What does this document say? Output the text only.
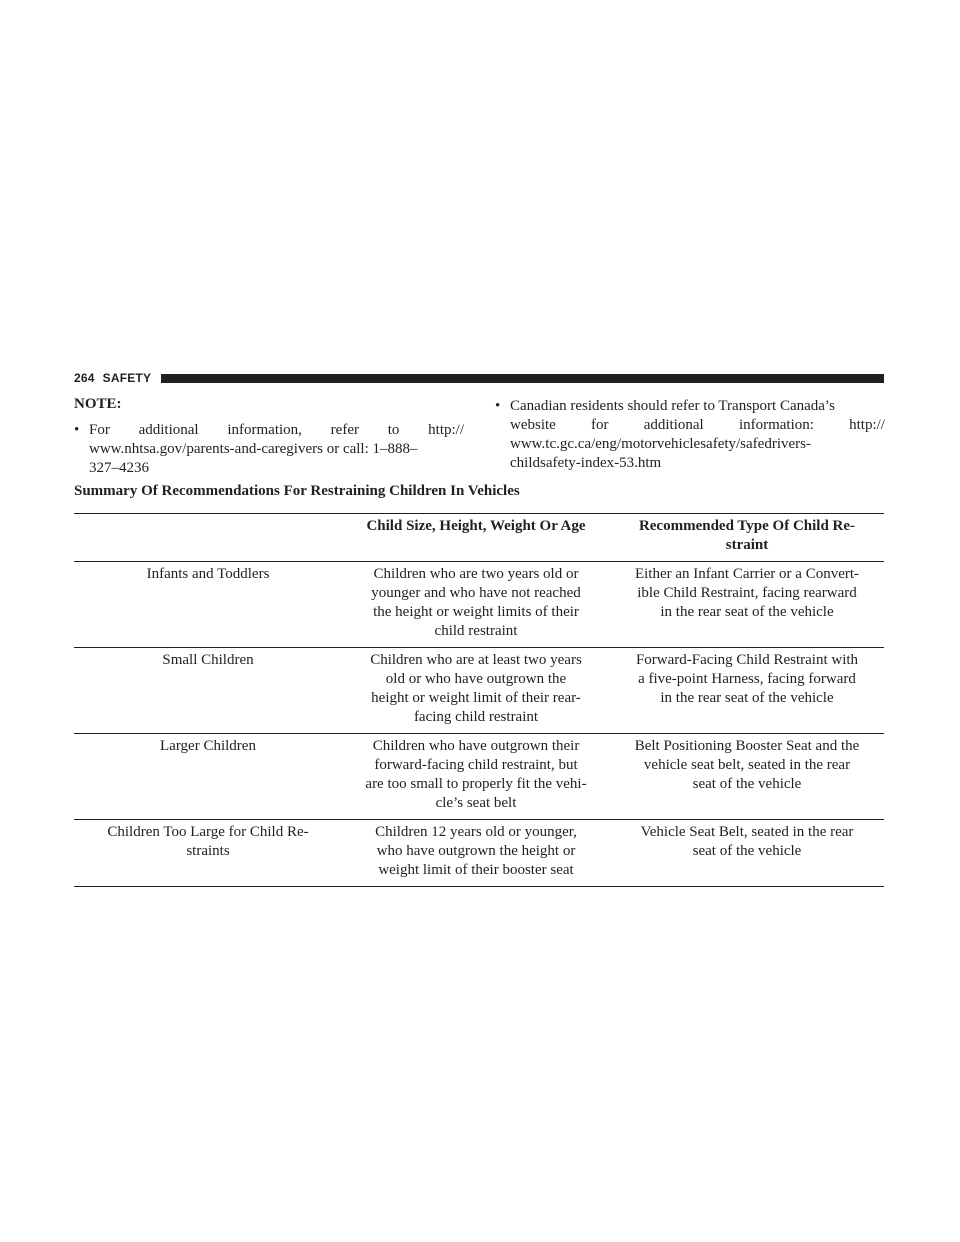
264 SAFETY
NOTE:
• For additional information, refer to http://
www.nhtsa.gov/parents-and-caregivers or call: 1–888–
327–4236
• Canadian residents should refer to Transport Canada’s
website for additional information: http://
www.tc.gc.ca/eng/motorvehiclesafety/safedrivers-
childsafety-index-53.htm
Summary Of Recommendations For Restraining Children In Vehicles

	Child Size, Height, Weight Or Age	Recommended Type Of Child Re-
straint

Infants and Toddlers	Children who are two years old or
younger and who have not reached
the height or weight limits of their
child restraint	Either an Infant Carrier or a Convert-
ible Child Restraint, facing rearward
in the rear seat of the vehicle

Small Children	Children who are at least two years
old or who have outgrown the
height or weight limit of their rear-
facing child restraint	Forward-Facing Child Restraint with
a five-point Harness, facing forward
in the rear seat of the vehicle

Larger Children	Children who have outgrown their
forward-facing child restraint, but
are too small to properly fit the vehi-
cle’s seat belt	Belt Positioning Booster Seat and the
vehicle seat belt, seated in the rear
seat of the vehicle

Children Too Large for Child Re-
straints	Children 12 years old or younger,
who have outgrown the height or
weight limit of their booster seat	Vehicle Seat Belt, seated in the rear
seat of the vehicle
